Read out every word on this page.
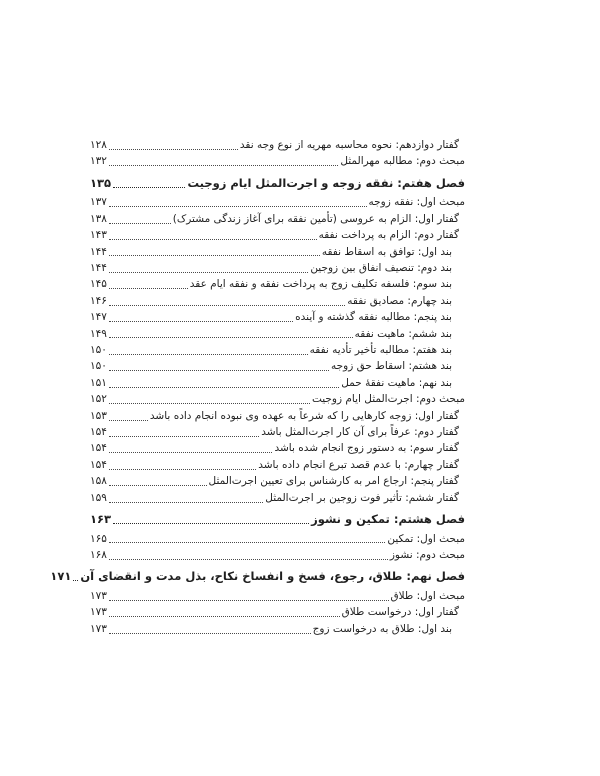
گفتار دوازدهم: نحوه محاسبه مهریه از نوع وجه نقد
۱۲۸
مبحث دوم: مطالبه مهرالمثل
۱۳۲
فصل هفتم: نفقه زوجه و اجرت‌المثل ایام زوجیت
۱۳۵
مبحث اول: نفقه زوجه
۱۳۷
گفتار اول: الزام به عروسی (تأمین نفقه برای آغاز زندگی مشترک)
۱۳۸
گفتار دوم: الزام به پرداخت نفقه
۱۴۳
بند اول: توافق به اسقاط نفقه
۱۴۴
بند دوم: تنصیف انفاق بین زوجین
۱۴۴
بند سوم: فلسفه تکلیف زوج به پرداخت نفقه و نفقه ایام عقد
۱۴۵
بند چهارم: مصادیق نفقه
۱۴۶
بند پنجم: مطالبه نفقه گذشته و آینده
۱۴۷
بند ششم: ماهیت نفقه
۱۴۹
بند هفتم: مطالبه تأخیر تأدیه نفقه
۱۵۰
بند هشتم: اسقاط حق زوجه
۱۵۰
بند نهم: ماهیت نفقهٔ حمل
۱۵۱
مبحث دوم: اجرت‌المثل ایام زوجیت
۱۵۲
گفتار اول: زوجه کارهایی را که شرعاً به عهده وی نبوده انجام داده باشد
۱۵۳
گفتار دوم: عرفاً برای آن کار اجرت‌المثل باشد
۱۵۴
گفتار سوم: به دستور زوج انجام شده باشد
۱۵۴
گفتار چهارم: با عدم قصد تبرع انجام داده باشد
۱۵۴
گفتار پنجم: ارجاع امر به کارشناس برای تعیین اجرت‌المثل
۱۵۸
گفتار ششم: تأثیر فوت زوجین بر اجرت‌المثل
۱۵۹
فصل هشتم: تمکین و نشوز
۱۶۳
مبحث اول: تمکین
۱۶۵
مبحث دوم: نشوز
۱۶۸
فصل نهم: طلاق، رجوع، فسخ و انفساخ نکاح، بذل مدت و انقضای آن
۱۷۱
مبحث اول: طلاق
۱۷۳
گفتار اول: درخواست طلاق
۱۷۳
بند اول: طلاق به درخواست زوج
۱۷۳
